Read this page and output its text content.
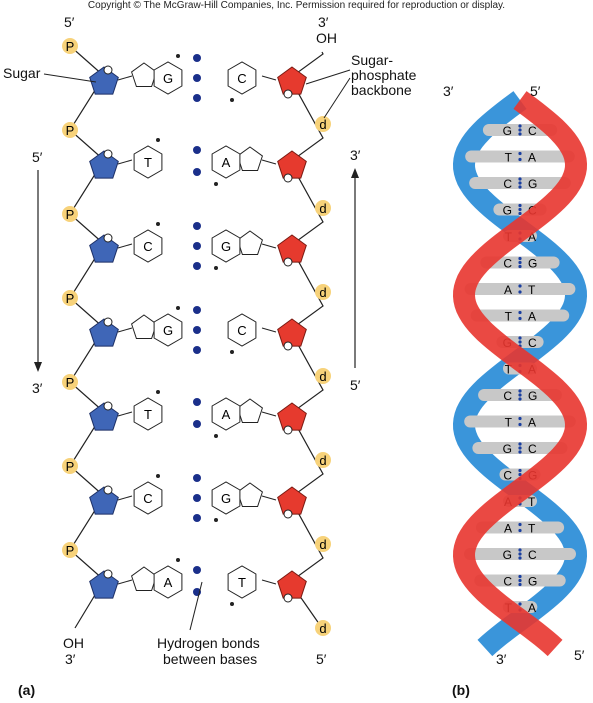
Copyright © The McGraw-Hill Companies, Inc. Permission required for reproduction or display.
P
d
G	C
P
d
T	A
P
d
C	G
P
d
G	C
P
d
T	A
P
d
C	G
P
d
A	T
G C
T A
C G
G C
T A
C G
A T
T A
G C
T A
C G
T A
G C
C G
A T
A T
G C
C G
T A
5′	3′
OH
Sugar
Sugar-
phosphate
backbone
5′
3′
3′
5′
OH
3′	5′
Hydrogen bonds
between bases
(a)
3′	5′
3′	5′
(b)
